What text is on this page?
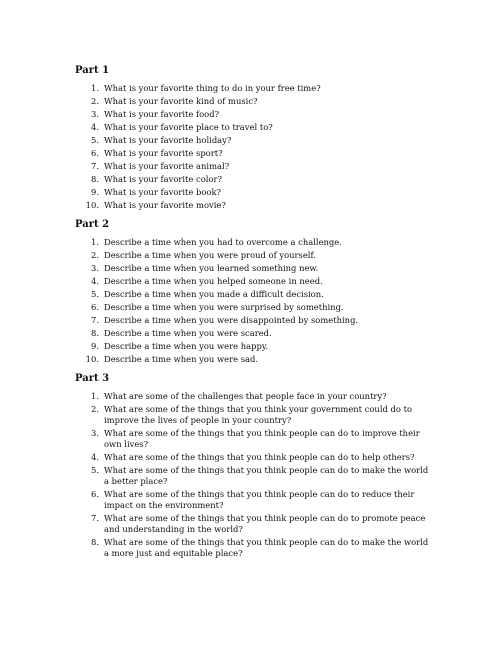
Part 1
1. What is your favorite thing to do in your free time?
2. What is your favorite kind of music?
3. What is your favorite food?
4. What is your favorite place to travel to?
5. What is your favorite holiday?
6. What is your favorite sport?
7. What is your favorite animal?
8. What is your favorite color?
9. What is your favorite book?
10. What is your favorite movie?
Part 2
1. Describe a time when you had to overcome a challenge.
2. Describe a time when you were proud of yourself.
3. Describe a time when you learned something new.
4. Describe a time when you helped someone in need.
5. Describe a time when you made a difficult decision.
6. Describe a time when you were surprised by something.
7. Describe a time when you were disappointed by something.
8. Describe a time when you were scared.
9. Describe a time when you were happy.
10. Describe a time when you were sad.
Part 3
1. What are some of the challenges that people face in your country?
2. What are some of the things that you think your government could do to improve the lives of people in your country?
3. What are some of the things that you think people can do to improve their own lives?
4. What are some of the things that you think people can do to help others?
5. What are some of the things that you think people can do to make the world a better place?
6. What are some of the things that you think people can do to reduce their impact on the environment?
7. What are some of the things that you think people can do to promote peace and understanding in the world?
8. What are some of the things that you think people can do to make the world a more just and equitable place?
